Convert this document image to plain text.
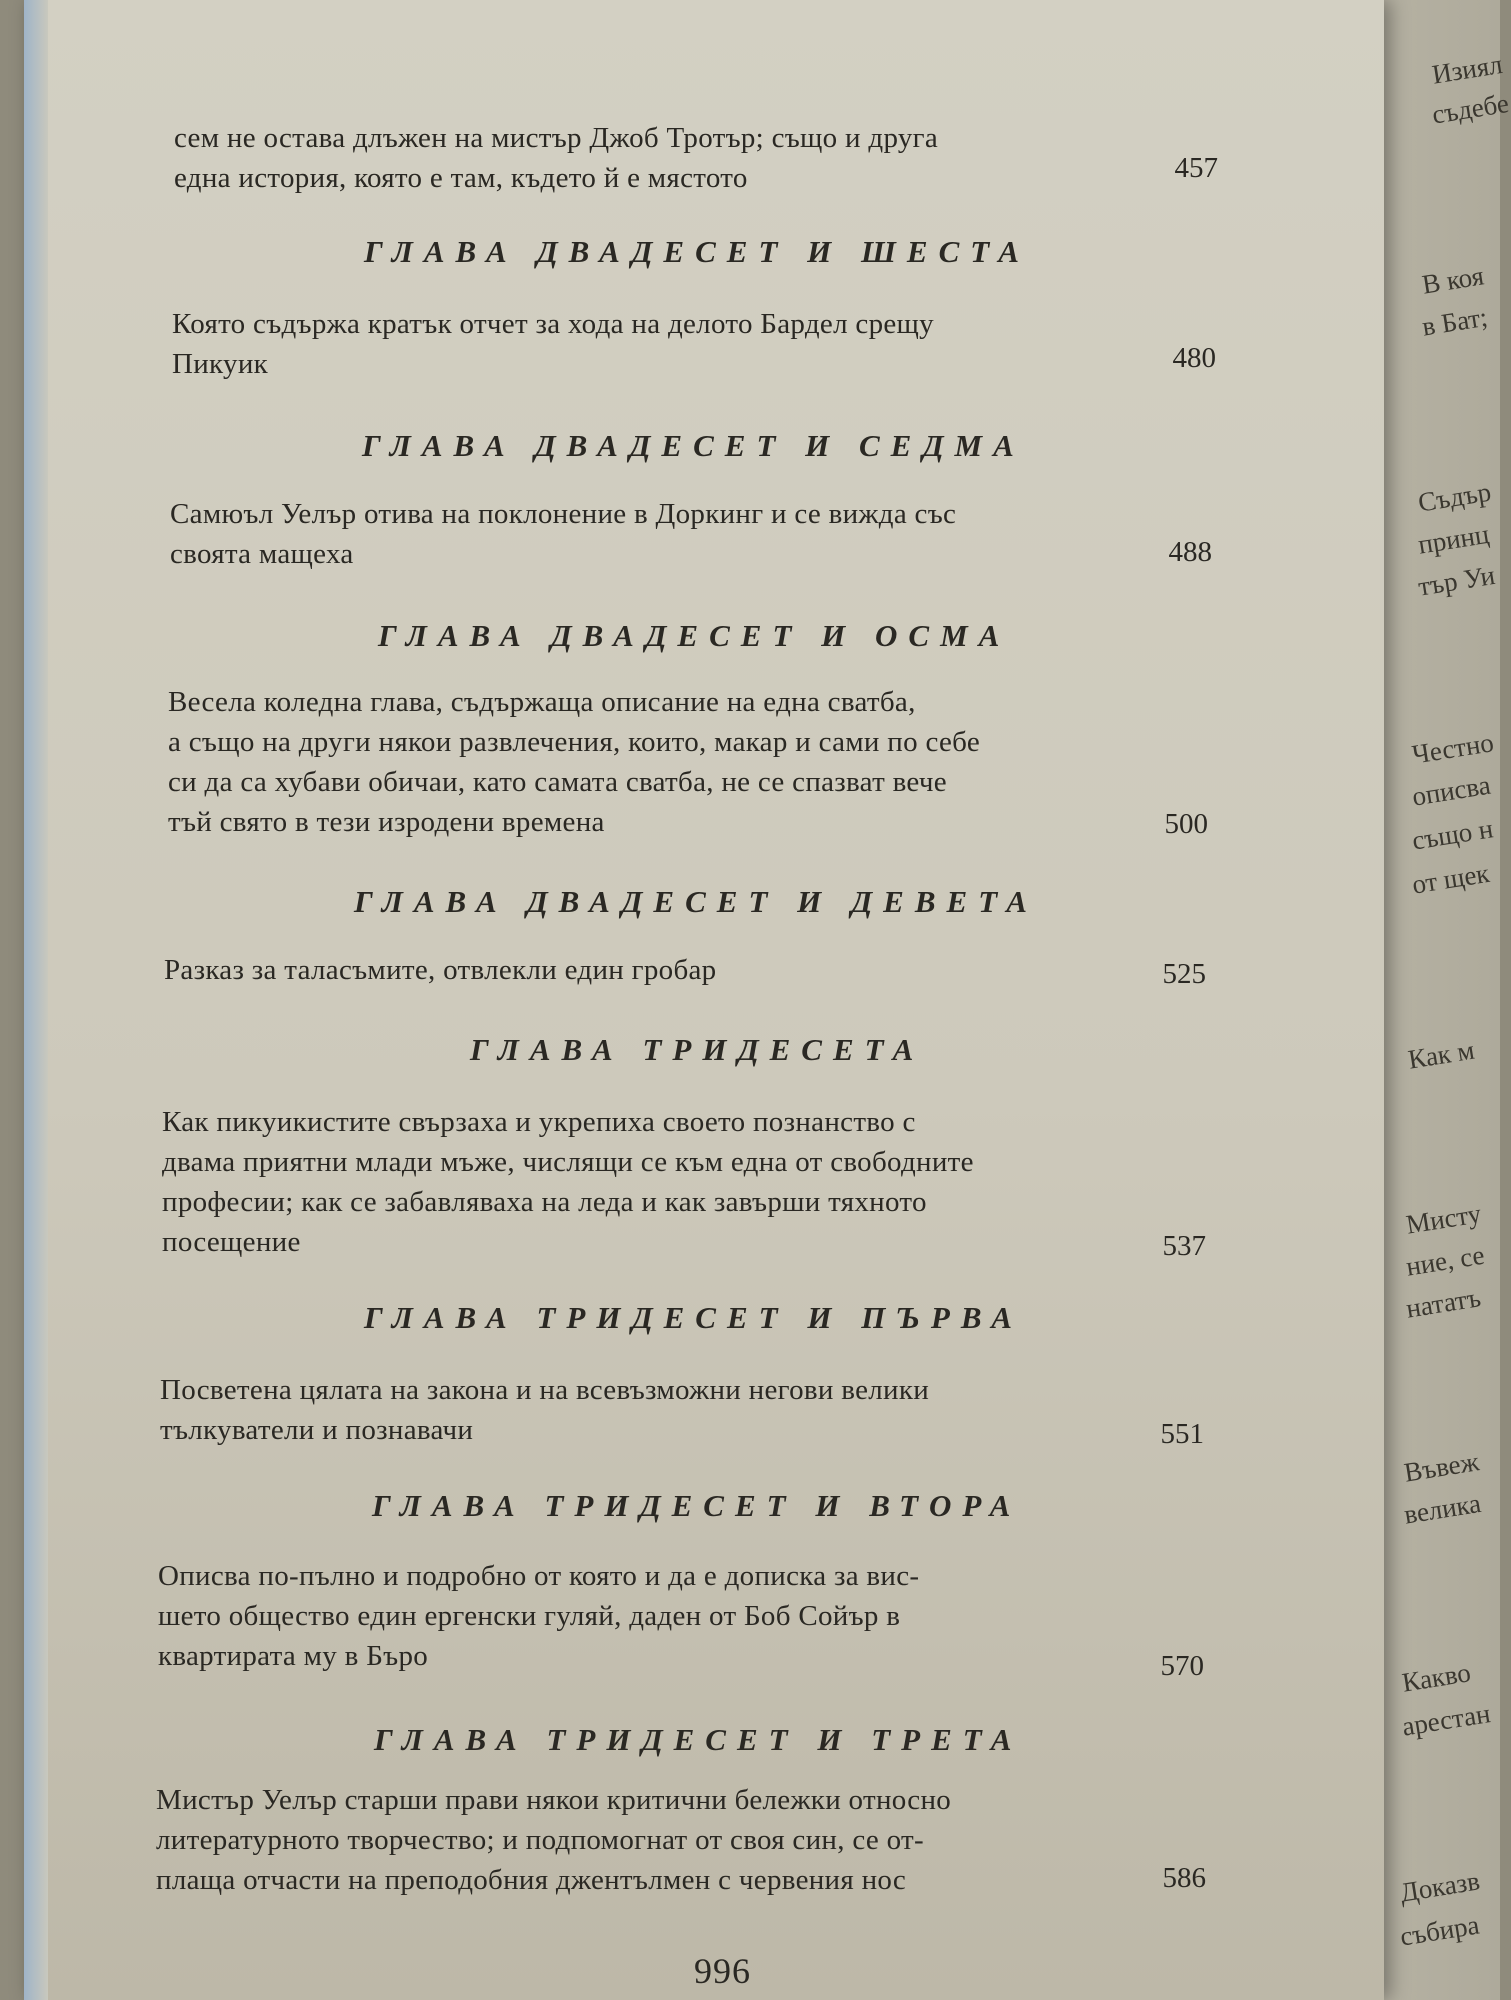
Изиял
съдебе
В коя
в Бат;
Съдър
принц
тър Уи
Честно
описва
също н
от щек
Как м
Мисту
ние, се
нататъ
Въвеж
велика
Какво
арестан
Доказв
събира
сем не остава длъжен на мистър Джоб Тротър; също и друга
една история, която е там, където й е мястото	457
ГЛАВА ДВАДЕСЕТ И ШЕСТА
Която съдържа кратък отчет за хода на делото Бардел срещу
Пикуик	480
ГЛАВА ДВАДЕСЕТ И СЕДМА
Самюъл Уелър отива на поклонение в Доркинг и се вижда със
своята мащеха	488
ГЛАВА ДВАДЕСЕТ И ОСМА
Весела коледна глава, съдържаща описание на една сватба,
а също на други някои развлечения, които, макар и сами по себе
си да са хубави обичаи, като самата сватба, не се спазват вече
тъй свято в тези изродени времена	500
ГЛАВА ДВАДЕСЕТ И ДЕВЕТА
Разказ за таласъмите, отвлекли един гробар	525
ГЛАВА ТРИДЕСЕТА
Как пикуикистите свързаха и укрепиха своето познанство с
двама приятни млади мъже, числящи се към една от свободните
професии; как се забавляваха на леда и как завърши тяхното
посещение	537
ГЛАВА ТРИДЕСЕТ И ПЪРВА
Посветена цялата на закона и на всевъзможни негови велики
тълкуватели и познавачи	551
ГЛАВА ТРИДЕСЕТ И ВТОРА
Описва по-пълно и подробно от която и да е дописка за вис-
шето общество един ергенски гуляй, даден от Боб Сойър в
квартирата му в Бъро	570
ГЛАВА ТРИДЕСЕТ И ТРЕТА
Мистър Уелър старши прави някои критични бележки относно
литературното творчество; и подпомогнат от своя син, се от-
плаща отчасти на преподобния джентълмен с червения нос	586
996
